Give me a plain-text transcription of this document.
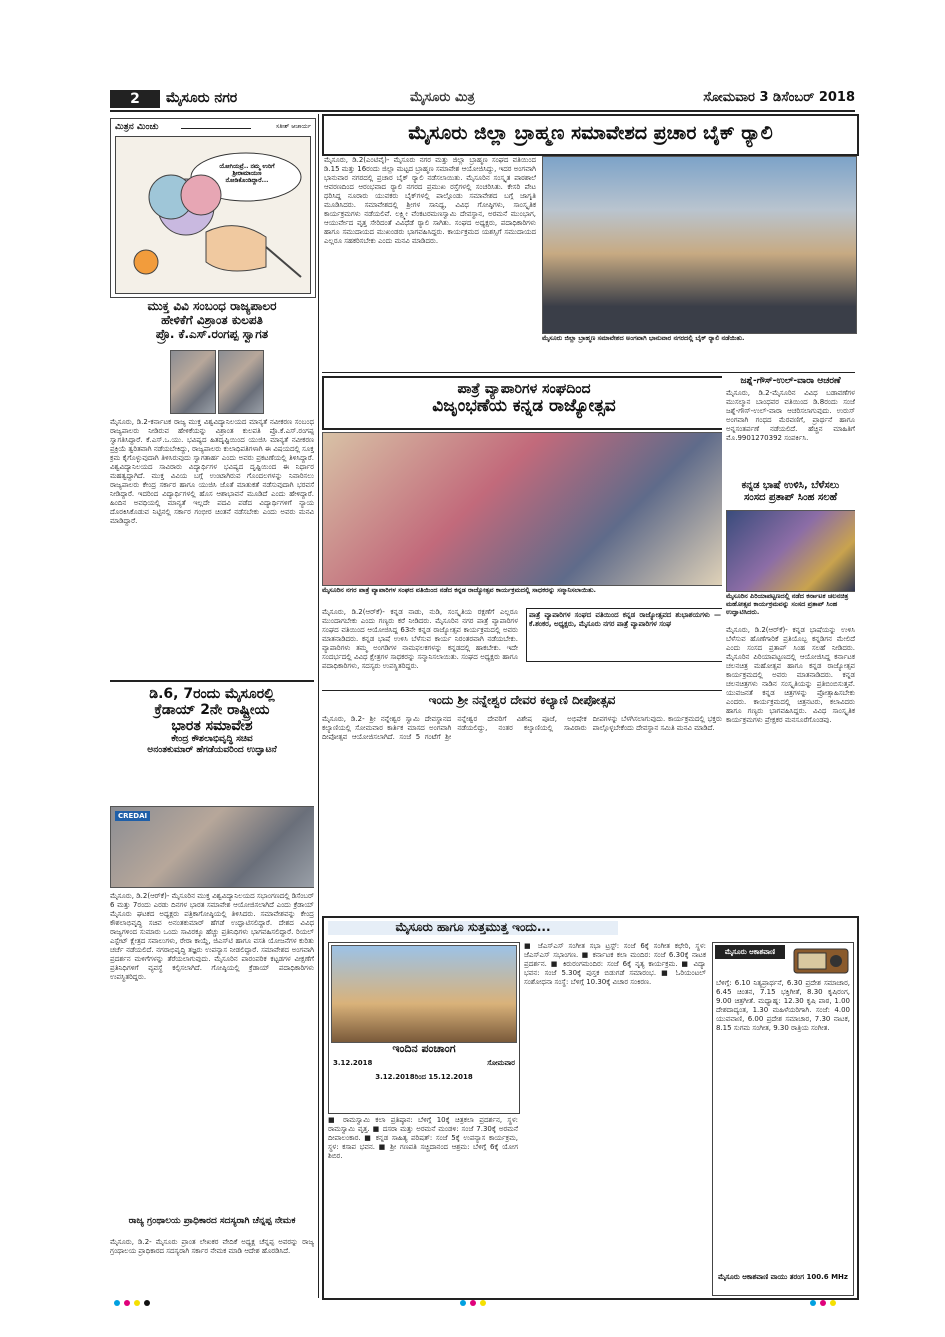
2	ಮೈಸೂರು ನಗರ	ಮೈಸೂರು ಮಿತ್ರ	ಸೋಮವಾರ 3 ಡಿಸೆಂಬರ್ 2018
ಮಿತ್ರನ ಮಿಂಚು	ಸತೀಶ್ ಆಚಾರ್ಯ
ಯೋಗಿಯವ್ರೆ.. ನಮ್ಮ ಉರಿಗೆ ಶ್ರೀರಾಮಾಯಣ ನೋಡಿಕೊಂಡಿದ್ದಾರೆ...
ಮುಕ್ತ ವಿವಿ ಸಂಬಂಧ ರಾಜ್ಯಪಾಲರ
ಹೇಳಿಕೆಗೆ ವಿಶ್ರಾಂತ ಕುಲಪತಿ
ಪ್ರೊ. ಕೆ.ಎಸ್.ರಂಗಪ್ಪ ಸ್ವಾಗತ
ಮೈಸೂರು, ಡಿ.2-ಕರ್ನಾಟಕ ರಾಜ್ಯ ಮುಕ್ತ ವಿಶ್ವವಿದ್ಯಾನಿಲಯದ ಮಾನ್ಯತೆ ನವೀಕರಣ ಸಂಬಂಧ ರಾಜ್ಯಪಾಲರು ನೀಡಿರುವ ಹೇಳಿಕೆಯನ್ನು ವಿಶ್ರಾಂತ ಕುಲಪತಿ ಪ್ರೊ.ಕೆ.ಎಸ್.ರಂಗಪ್ಪ ಸ್ವಾಗತಿಸಿದ್ದಾರೆ. ಕೆ.ಎಸ್.ಒ.ಯು. ಭವಿಷ್ಯದ ಹಿತದೃಷ್ಟಿಯಿಂದ ಯುಜಿಸಿ ಮಾನ್ಯತೆ ನವೀಕರಣ ಪ್ರಕ್ರಿಯೆ ತ್ವರಿತವಾಗಿ ನಡೆಯಬೇಕಿದ್ದು, ರಾಜ್ಯಪಾಲರು ಕುಲಾಧಿಪತಿಗಳಾಗಿ ಈ ವಿಷಯದಲ್ಲಿ ಸೂಕ್ತ ಕ್ರಮ ಕೈಗೊಳ್ಳುವುದಾಗಿ ತಿಳಿಸಿರುವುದು ಸ್ವಾಗತಾರ್ಹ ಎಂದು ಅವರು ಪ್ರಕಟಣೆಯಲ್ಲಿ ತಿಳಿಸಿದ್ದಾರೆ. ವಿಶ್ವವಿದ್ಯಾನಿಲಯದ ಸಾವಿರಾರು ವಿದ್ಯಾರ್ಥಿಗಳ ಭವಿಷ್ಯದ ದೃಷ್ಟಿಯಿಂದ ಈ ನಿರ್ಧಾರ ಮಹತ್ವದ್ದಾಗಿದೆ. ಮುಕ್ತ ವಿವಿಯ ಬಗ್ಗೆ ಉಂಟಾಗಿರುವ ಗೊಂದಲಗಳನ್ನು ನಿವಾರಿಸಲು ರಾಜ್ಯಪಾಲರು ಕೇಂದ್ರ ಸರ್ಕಾರ ಹಾಗೂ ಯುಜಿಸಿ ಜೊತೆ ಮಾತುಕತೆ ನಡೆಸುವುದಾಗಿ ಭರವಸೆ ನೀಡಿದ್ದಾರೆ. ಇದರಿಂದ ವಿದ್ಯಾರ್ಥಿಗಳಲ್ಲಿ ಹೊಸ ಆಶಾಭಾವನೆ ಮೂಡಿದೆ ಎಂದು ಹೇಳಿದ್ದಾರೆ. ಹಿಂದಿನ ಅವಧಿಯಲ್ಲಿ ಮಾನ್ಯತೆ ಇಲ್ಲದೇ ಪದವಿ ಪಡೆದ ವಿದ್ಯಾರ್ಥಿಗಳಿಗೆ ನ್ಯಾಯ ದೊರಕಿಸಿಕೊಡುವ ನಿಟ್ಟಿನಲ್ಲಿ ಸರ್ಕಾರ ಗಂಭೀರ ಚಿಂತನೆ ನಡೆಸಬೇಕು ಎಂದು ಅವರು ಮನವಿ ಮಾಡಿದ್ದಾರೆ.
ಡಿ.6, 7ರಂದು ಮೈಸೂರಲ್ಲಿ
ಕ್ರೆಡಾಯ್ 2ನೇ ರಾಷ್ಟ್ರೀಯ
ಭಾರತ ಸಮಾವೇಶ
ಕೇಂದ್ರ ಕೌಶಲಾಭಿವೃದ್ಧಿ ಸಚಿವ
ಅನಂತಕುಮಾರ್ ಹೆಗಡೆಯವರಿಂದ ಉದ್ಘಾಟನೆ
CREDAI
ಮೈಸೂರು, ಡಿ.2(ಆರ್‌ಕೆ)- ಮೈಸೂರಿನ ಮುಕ್ತ ವಿಶ್ವವಿದ್ಯಾನಿಲಯದ ಸಭಾಂಗಣದಲ್ಲಿ ಡಿಸೆಂಬರ್ 6 ಮತ್ತು 7ರಂದು ಎರಡು ದಿನಗಳ ಭಾರತ ಸಮಾವೇಶ ಆಯೋಜಿಸಲಾಗಿದೆ ಎಂದು ಕ್ರೆಡಾಯ್ ಮೈಸೂರು ಘಟಕದ ಅಧ್ಯಕ್ಷರು ಪತ್ರಿಕಾಗೋಷ್ಠಿಯಲ್ಲಿ ತಿಳಿಸಿದರು. ಸಮಾವೇಶವನ್ನು ಕೇಂದ್ರ ಕೌಶಲಾಭಿವೃದ್ಧಿ ಸಚಿವ ಅನಂತಕುಮಾರ್ ಹೆಗಡೆ ಉದ್ಘಾಟಿಸಲಿದ್ದಾರೆ. ದೇಶದ ವಿವಿಧ ರಾಜ್ಯಗಳಿಂದ ಸುಮಾರು ಒಂದು ಸಾವಿರಕ್ಕೂ ಹೆಚ್ಚು ಪ್ರತಿನಿಧಿಗಳು ಭಾಗವಹಿಸಲಿದ್ದಾರೆ. ರಿಯಲ್ ಎಸ್ಟೇಟ್ ಕ್ಷೇತ್ರದ ಸವಾಲುಗಳು, ರೇರಾ ಕಾಯ್ದೆ, ಜಿಎಸ್‌ಟಿ ಹಾಗೂ ವಸತಿ ಯೋಜನೆಗಳ ಕುರಿತು ಚರ್ಚೆ ನಡೆಯಲಿದೆ. ನಗರಾಭಿವೃದ್ಧಿ ತಜ್ಞರು ಉಪನ್ಯಾಸ ನೀಡಲಿದ್ದಾರೆ. ಸಮಾವೇಶದ ಅಂಗವಾಗಿ ಪ್ರದರ್ಶನ ಮಳಿಗೆಗಳನ್ನು ತೆರೆಯಲಾಗುವುದು. ಮೈಸೂರಿನ ಪಾರಂಪರಿಕ ಕಟ್ಟಡಗಳ ವೀಕ್ಷಣೆಗೆ ಪ್ರತಿನಿಧಿಗಳಿಗೆ ವ್ಯವಸ್ಥೆ ಕಲ್ಪಿಸಲಾಗಿದೆ. ಗೋಷ್ಠಿಯಲ್ಲಿ ಕ್ರೆಡಾಯ್ ಪದಾಧಿಕಾರಿಗಳು ಉಪಸ್ಥಿತರಿದ್ದರು.
ರಾಜ್ಯ ಗ್ರಂಥಾಲಯ ಪ್ರಾಧಿಕಾರದ ಸದಸ್ಯರಾಗಿ ಚೆನ್ನಪ್ಪ ನೇಮಕ
ಮೈಸೂರು, ಡಿ.2- ಮೈಸೂರು ಪ್ರಾಂತ ಲೇಖಕರ ವೇದಿಕೆ ಅಧ್ಯಕ್ಷ ಚೆನ್ನಪ್ಪ ಅವರನ್ನು ರಾಜ್ಯ ಗ್ರಂಥಾಲಯ ಪ್ರಾಧಿಕಾರದ ಸದಸ್ಯರಾಗಿ ಸರ್ಕಾರ ನೇಮಕ ಮಾಡಿ ಆದೇಶ ಹೊರಡಿಸಿದೆ.
ಮೈಸೂರು ಜಿಲ್ಲಾ ಬ್ರಾಹ್ಮಣ ಸಮಾವೇಶದ ಪ್ರಚಾರ ಬೈಕ್ ರ್‍ಯಾಲಿ
ಮೈಸೂರು, ಡಿ.2(ಎಂಟಿವೈ)- ಮೈಸೂರು ನಗರ ಮತ್ತು ಜಿಲ್ಲಾ ಬ್ರಾಹ್ಮಣ ಸಂಘದ ವತಿಯಿಂದ ಡಿ.15 ಮತ್ತು 16ರಂದು ಜಿಲ್ಲಾ ಮಟ್ಟದ ಬ್ರಾಹ್ಮಣ ಸಮಾವೇಶ ಆಯೋಜಿಸಿದ್ದು, ಇದರ ಅಂಗವಾಗಿ ಭಾನುವಾರ ನಗರದಲ್ಲಿ ಪ್ರಚಾರ ಬೈಕ್ ರ್‍ಯಾಲಿ ನಡೆಸಲಾಯಿತು. ಮೈಸೂರಿನ ಸಂಸ್ಕೃತ ಪಾಠಶಾಲೆ ಆವರಣದಿಂದ ಆರಂಭವಾದ ರ್‍ಯಾಲಿ ನಗರದ ಪ್ರಮುಖ ರಸ್ತೆಗಳಲ್ಲಿ ಸಂಚರಿಸಿತು. ಕೇಸರಿ ಪೇಟ ಧರಿಸಿದ್ದ ನೂರಾರು ಯುವಕರು ಬೈಕ್‌ಗಳಲ್ಲಿ ಪಾಲ್ಗೊಂಡು ಸಮಾವೇಶದ ಬಗ್ಗೆ ಜಾಗೃತಿ ಮೂಡಿಸಿದರು. ಸಮಾವೇಶದಲ್ಲಿ ಶ್ರೀಗಳ ಸಾನಿಧ್ಯ, ವಿವಿಧ ಗೋಷ್ಠಿಗಳು, ಸಾಂಸ್ಕೃತಿಕ ಕಾರ್ಯಕ್ರಮಗಳು ನಡೆಯಲಿವೆ. ಲಕ್ಷ್ಮೀ ವೆಂಕಟರಮಣಸ್ವಾಮಿ ದೇವಸ್ಥಾನ, ಅರಮನೆ ಮುಂಭಾಗ, ಆಯುರ್ವೇದ ವೃತ್ತ ಸೇರಿದಂತೆ ವಿವಿಧೆಡೆ ರ್‍ಯಾಲಿ ಸಾಗಿತು. ಸಂಘದ ಅಧ್ಯಕ್ಷರು, ಪದಾಧಿಕಾರಿಗಳು ಹಾಗೂ ಸಮುದಾಯದ ಮುಖಂಡರು ಭಾಗವಹಿಸಿದ್ದರು. ಕಾರ್ಯಕ್ರಮದ ಯಶಸ್ಸಿಗೆ ಸಮುದಾಯದ ಎಲ್ಲರೂ ಸಹಕರಿಸಬೇಕು ಎಂದು ಮನವಿ ಮಾಡಿದರು.
ಮೈಸೂರು ಜಿಲ್ಲಾ ಬ್ರಾಹ್ಮಣ ಸಮಾವೇಶದ ಅಂಗವಾಗಿ ಭಾನುವಾರ ನಗರದಲ್ಲಿ ಬೈಕ್ ರ್‍ಯಾಲಿ ನಡೆಯಿತು.
ಪಾತ್ರೆ ವ್ಯಾಪಾರಿಗಳ ಸಂಘದಿಂದ
ವಿಜೃಂಭಣೆಯ ಕನ್ನಡ ರಾಜ್ಯೋತ್ಸವ
ಮೈಸೂರಿನ ನಗರ ಪಾತ್ರೆ ವ್ಯಾಪಾರಿಗಳ ಸಂಘದ ವತಿಯಿಂದ ನಡೆದ ಕನ್ನಡ ರಾಜ್ಯೋತ್ಸವ ಕಾರ್ಯಕ್ರಮದಲ್ಲಿ ಸಾಧಕರನ್ನು ಸನ್ಮಾನಿಸಲಾಯಿತು.
ಮೈಸೂರು, ಡಿ.2(ಆರ್‌ಕೆ)- ಕನ್ನಡ ನಾಡು, ನುಡಿ, ಸಂಸ್ಕೃತಿಯ ರಕ್ಷಣೆಗೆ ಎಲ್ಲರೂ ಮುಂದಾಗಬೇಕು ಎಂದು ಗಣ್ಯರು ಕರೆ ನೀಡಿದರು. ಮೈಸೂರಿನ ನಗರ ಪಾತ್ರೆ ವ್ಯಾಪಾರಿಗಳ ಸಂಘದ ವತಿಯಿಂದ ಆಯೋಜಿಸಿದ್ದ 63ನೇ ಕನ್ನಡ ರಾಜ್ಯೋತ್ಸವ ಕಾರ್ಯಕ್ರಮದಲ್ಲಿ ಅವರು ಮಾತನಾಡಿದರು. ಕನ್ನಡ ಭಾಷೆ ಉಳಿಸಿ ಬೆಳೆಸುವ ಕಾರ್ಯ ನಿರಂತರವಾಗಿ ನಡೆಯಬೇಕು. ವ್ಯಾಪಾರಿಗಳು ತಮ್ಮ ಅಂಗಡಿಗಳ ನಾಮಫಲಕಗಳನ್ನು ಕನ್ನಡದಲ್ಲಿ ಹಾಕಬೇಕು. ಇದೇ ಸಂದರ್ಭದಲ್ಲಿ ವಿವಿಧ ಕ್ಷೇತ್ರಗಳ ಸಾಧಕರನ್ನು ಸನ್ಮಾನಿಸಲಾಯಿತು. ಸಂಘದ ಅಧ್ಯಕ್ಷರು ಹಾಗೂ ಪದಾಧಿಕಾರಿಗಳು, ಸದಸ್ಯರು ಉಪಸ್ಥಿತರಿದ್ದರು.
ಪಾತ್ರೆ ವ್ಯಾಪಾರಿಗಳ ಸಂಘದ ವತಿಯಿಂದ ಕನ್ನಡ ರಾಜ್ಯೋತ್ಸವದ ಶುಭಾಶಯಗಳು — ಕೆ.ಶಂಕರ, ಅಧ್ಯಕ್ಷರು, ಮೈಸೂರು ನಗರ ಪಾತ್ರೆ ವ್ಯಾಪಾರಿಗಳ ಸಂಘ
ಜಶ್ನೆ-ಗೌಸ್-ಉಲ್-ವಾರಾ ಆಚರಣೆ
ಮೈಸೂರು, ಡಿ.2-ಮೈಸೂರಿನ ವಿವಿಧ ಬಡಾವಣೆಗಳ ಮುಸಲ್ಮಾನ ಬಾಂಧವರ ವತಿಯಿಂದ ಡಿ.8ರಂದು ಸಂಜೆ ಜಶ್ನೆ-ಗೌಸ್-ಉಲ್-ವಾರಾ ಆಚರಿಸಲಾಗುವುದು. ಉರುಸ್ ಅಂಗವಾಗಿ ಗಂಧದ ಮೆರವಣಿಗೆ, ಪ್ರಾರ್ಥನೆ ಹಾಗೂ ಅನ್ನಸಂತರ್ಪಣೆ ನಡೆಯಲಿದೆ. ಹೆಚ್ಚಿನ ಮಾಹಿತಿಗೆ ಮೊ.9901270392 ಸಂಪರ್ಕಿಸಿ.
ಕನ್ನಡ ಭಾಷೆ ಉಳಿಸಿ, ಬೆಳೆಸಲು
ಸಂಸದ ಪ್ರತಾಪ್ ಸಿಂಹ ಸಲಹೆ
ಮೈಸೂರಿನ ಪಿರಿಯಾಪಟ್ಟಣದಲ್ಲಿ ನಡೆದ ಕರ್ನಾಟಕ ಚಲನಚಿತ್ರ ಮಹೋತ್ಸವ ಕಾರ್ಯಕ್ರಮವನ್ನು ಸಂಸದ ಪ್ರತಾಪ್ ಸಿಂಹ ಉದ್ಘಾಟಿಸಿದರು.
ಮೈಸೂರು, ಡಿ.2(ಆರ್‌ಕೆ)- ಕನ್ನಡ ಭಾಷೆಯನ್ನು ಉಳಿಸಿ ಬೆಳೆಸುವ ಹೊಣೆಗಾರಿಕೆ ಪ್ರತಿಯೊಬ್ಬ ಕನ್ನಡಿಗನ ಮೇಲಿದೆ ಎಂದು ಸಂಸದ ಪ್ರತಾಪ್ ಸಿಂಹ ಸಲಹೆ ನೀಡಿದರು. ಮೈಸೂರಿನ ಪಿರಿಯಾಪಟ್ಟಣದಲ್ಲಿ ಆಯೋಜಿಸಿದ್ದ ಕರ್ನಾಟಕ ಚಲನಚಿತ್ರ ಮಹೋತ್ಸವ ಹಾಗೂ ಕನ್ನಡ ರಾಜ್ಯೋತ್ಸವ ಕಾರ್ಯಕ್ರಮದಲ್ಲಿ ಅವರು ಮಾತನಾಡಿದರು. ಕನ್ನಡ ಚಲನಚಿತ್ರಗಳು ನಾಡಿನ ಸಂಸ್ಕೃತಿಯನ್ನು ಪ್ರತಿಬಿಂಬಿಸುತ್ತವೆ. ಯುವಜನತೆ ಕನ್ನಡ ಚಿತ್ರಗಳನ್ನು ಪ್ರೋತ್ಸಾಹಿಸಬೇಕು ಎಂದರು. ಕಾರ್ಯಕ್ರಮದಲ್ಲಿ ಚಿತ್ರನಟರು, ಕಲಾವಿದರು ಹಾಗೂ ಗಣ್ಯರು ಭಾಗವಹಿಸಿದ್ದರು. ವಿವಿಧ ಸಾಂಸ್ಕೃತಿಕ ಕಾರ್ಯಕ್ರಮಗಳು ಪ್ರೇಕ್ಷಕರ ಮನಸೂರೆಗೊಂಡವು.
ಇಂದು ಶ್ರೀ ನನ್ನೇಶ್ವರ ದೇವರ ಕಲ್ಯಾಣಿ ದೀಪೋತ್ಸವ
ಮೈಸೂರು, ಡಿ.2- ಶ್ರೀ ನನ್ನೇಶ್ವರ ಸ್ವಾಮಿ ದೇವಸ್ಥಾನದ ಕಲ್ಯಾಣಿಯಲ್ಲಿ ಸೋಮವಾರ ಕಾರ್ತಿಕ ಮಾಸದ ಅಂಗವಾಗಿ ದೀಪೋತ್ಸವ ಆಯೋಜಿಸಲಾಗಿದೆ. ಸಂಜೆ 5 ಗಂಟೆಗೆ ಶ್ರೀ ನನ್ನೇಶ್ವರ ದೇವರಿಗೆ ವಿಶೇಷ ಪೂಜೆ, ಅಭಿಷೇಕ ನಡೆಯಲಿದ್ದು, ನಂತರ ಕಲ್ಯಾಣಿಯಲ್ಲಿ ಸಾವಿರಾರು ದೀಪಗಳನ್ನು ಬೆಳಗಿಸಲಾಗುವುದು. ಕಾರ್ಯಕ್ರಮದಲ್ಲಿ ಭಕ್ತರು ಪಾಲ್ಗೊಳ್ಳಬೇಕೆಂದು ದೇವಸ್ಥಾನ ಸಮಿತಿ ಮನವಿ ಮಾಡಿದೆ.
ಮೈಸೂರು ಹಾಗೂ ಸುತ್ತಮುತ್ತ ಇಂದು...
ಇಂದಿನ ಪಂಚಾಂಗ
3.12.2018	ಸೋಮವಾರ
3.12.2018ರಿಂದ 15.12.2018
■ ರಾಮಸ್ವಾಮಿ ಕಲಾ ಪ್ರತಿಷ್ಠಾನ: ಬೆಳಿಗ್ಗೆ 10ಕ್ಕೆ ಚಿತ್ರಕಲಾ ಪ್ರದರ್ಶನ, ಸ್ಥಳ: ರಾಮಸ್ವಾಮಿ ವೃತ್ತ. ■ ದಸರಾ ಮತ್ತು ಅರಮನೆ ಮಂಡಳಿ: ಸಂಜೆ 7.30ಕ್ಕೆ ಅರಮನೆ ದೀಪಾಲಂಕಾರ. ■ ಕನ್ನಡ ಸಾಹಿತ್ಯ ಪರಿಷತ್: ಸಂಜೆ 5ಕ್ಕೆ ಉಪನ್ಯಾಸ ಕಾರ್ಯಕ್ರಮ, ಸ್ಥಳ: ಕಸಾಪ ಭವನ. ■ ಶ್ರೀ ಗಣಪತಿ ಸಚ್ಚಿದಾನಂದ ಆಶ್ರಮ: ಬೆಳಿಗ್ಗೆ 6ಕ್ಕೆ ಯೋಗ ಶಿಬಿರ.
■ ಜೆಎಸ್‌ಎಸ್ ಸಂಗೀತ ಸಭಾ ಟ್ರಸ್ಟ್: ಸಂಜೆ 6ಕ್ಕೆ ಸಂಗೀತ ಕಛೇರಿ, ಸ್ಥಳ: ಜೆಎಸ್‌ಎಸ್ ಸಭಾಂಗಣ. ■ ಕರ್ನಾಟಕ ಕಲಾ ಮಂದಿರ: ಸಂಜೆ 6.30ಕ್ಕೆ ನಾಟಕ ಪ್ರದರ್ಶನ. ■ ಕಿರುರಂಗಮಂದಿರ: ಸಂಜೆ 6ಕ್ಕೆ ನೃತ್ಯ ಕಾರ್ಯಕ್ರಮ. ■ ವಿದ್ಯಾ ಭವನ: ಸಂಜೆ 5.30ಕ್ಕೆ ಪುಸ್ತಕ ಬಿಡುಗಡೆ ಸಮಾರಂಭ. ■ ಓರಿಯಂಟಲ್ ಸಂಶೋಧನಾ ಸಂಸ್ಥೆ: ಬೆಳಿಗ್ಗೆ 10.30ಕ್ಕೆ ವಿಚಾರ ಸಂಕಿರಣ.
ಮೈಸೂರು ಆಕಾಶವಾಣಿ
ಬೆಳಿಗ್ಗೆ: 6.10 ನಿತ್ಯಪ್ರಾರ್ಥನೆ, 6.30 ಪ್ರದೇಶ ಸಮಾಚಾರ, 6.45 ಚಿಂತನ, 7.15 ಭಕ್ತಿಗೀತೆ, 8.30 ಕೃಷಿರಂಗ, 9.00 ಚಿತ್ರಗೀತೆ. ಮಧ್ಯಾಹ್ನ: 12.30 ಕೃಷಿ ಪಾಠ, 1.00 ದೇಶದಾದ್ಯಂತ, 1.30 ಮಹಿಳೆಯರಿಗಾಗಿ. ಸಂಜೆ: 4.00 ಯುವವಾಣಿ, 6.00 ಪ್ರದೇಶ ಸಮಾಚಾರ, 7.30 ನಾಟಕ, 8.15 ಸುಗಮ ಸಂಗೀತ, 9.30 ರಾತ್ರಿಯ ಸಂಗೀತ.
ಮೈಸೂರು ಆಕಾಶವಾಣಿ ವಾಯು ತರಂಗ 100.6 MHz
